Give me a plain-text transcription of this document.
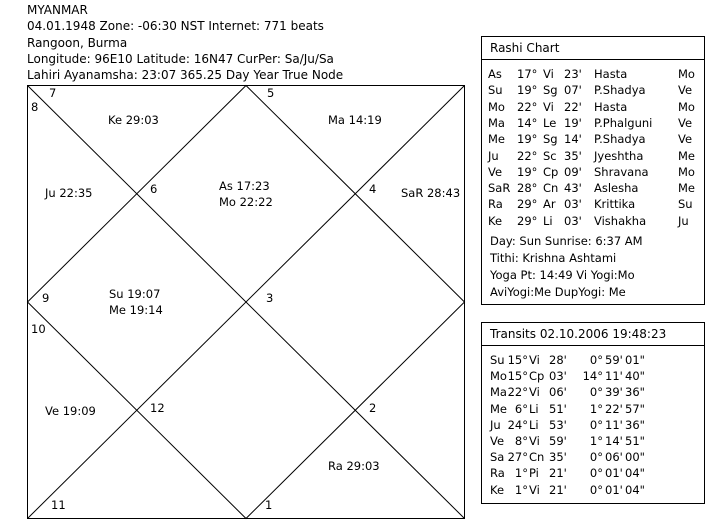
MYANMAR
04.01.1948 Zone: -06:30 NST Internet: 771 beats
Rangoon, Burma
Longitude: 96E10 Latitude: 16N47 CurPer: Sa/Ju/Sa
Lahiri Ayanamsha: 23:07 365.25 Day Year True Node
7	5
8
6	4
9	3
10
12	2
11	1
Ke 29:03	Ma 14:19
Ju 22:35	As 17:23
Mo 22:22
SaR 28:43
Su 19:07
Me 19:14
Ve 19:09
Ra 29:03
Rashi Chart
As 17° Vi 23' Hasta	Mo
Su 19° Sg 07' P.Shadya	Ve
Mo 22° Vi 22' Hasta	Mo
Ma 14° Le 19' P.Phalguni Ve
Me 19° Sg 14' P.Shadya	Ve
Ju 22° Sc 35' Jyeshtha	Me
Ve 19° Cp 09' Shravana	Mo
SaR 28° Cn 43' Aslesha	Me
Ra 29° Ar 03' Krittika	Su
Ke 29° Li 03' Vishakha	Ju
Day: Sun Sunrise: 6:37 AM
Tithi: Krishna Ashtami
Yoga Pt: 14:49 Vi Yogi:Mo
AviYogi:Me DupYogi: Me
Transits 02.10.2006 19:48:23
Su 15° Vi 28'	0° 59' 01"
Mo 15° Cp 03'	14° 11' 40"
Ma 22° Vi 06'	0° 39' 36"
Me 6° Li 51'	1° 22' 57"
Ju 24° Li 53'	0° 11' 36"
Ve 8° Vi 59'	1° 14' 51"
Sa 27° Cn 35'	0° 06' 00"
Ra 1° Pi 21'	0° 01' 04"
Ke 1° Vi 21'	0° 01' 04"
